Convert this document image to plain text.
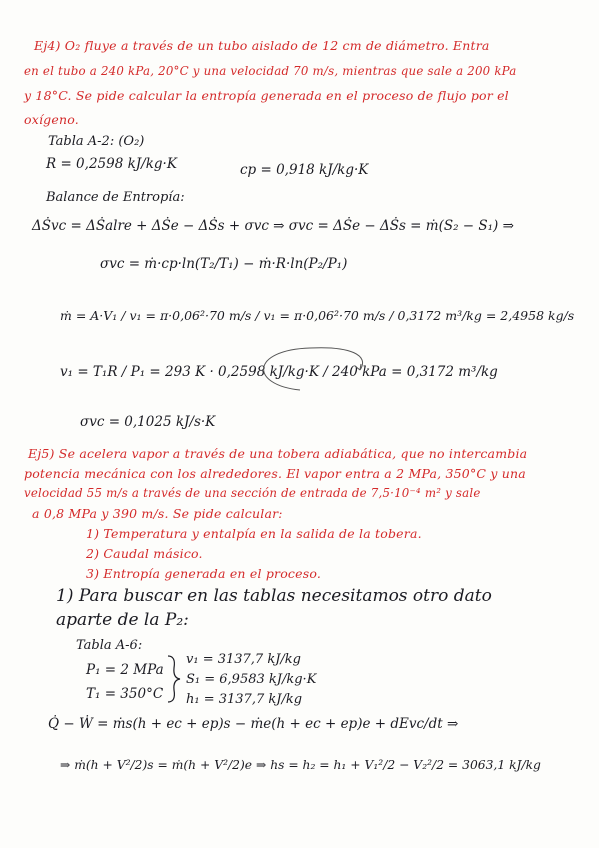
Ej4) O₂ fluye a través de un tubo aislado de 12 cm de diámetro. Entra
en el tubo a 240 kPa, 20°C y una velocidad 70 m/s, mientras que sale a 200 kPa
y 18°C. Se pide calcular la entropía generada en el proceso de flujo por el
oxígeno.
Tabla A-2: (O₂)
R = 0,2598 kJ/kg·K	cp = 0,918 kJ/kg·K
Balance de Entropía:
ΔṠvc = ΔṠalre + ΔṠe − ΔṠs + σvc ⇒ σvc = ΔṠe − ΔṠs = ṁ(S₂ − S₁) ⇒
σvc = ṁ·cp·ln(T₂/T₁) − ṁ·R·ln(P₂/P₁)
ṁ = A·V₁ / v₁ = π·0,06²·70 m/s / v₁ = π·0,06²·70 m/s / 0,3172 m³/kg = 2,4958 kg/s
v₁ = T₁R / P₁ = 293 K · 0,2598 kJ/kg·K / 240 kPa = 0,3172 m³/kg
σvc = 0,1025 kJ/s·K
Ej5) Se acelera vapor a través de una tobera adiabática, que no intercambia
potencia mecánica con los alrededores. El vapor entra a 2 MPa, 350°C y una
velocidad 55 m/s a través de una sección de entrada de 7,5·10⁻⁴ m² y sale
a 0,8 MPa y 390 m/s. Se pide calcular:
1) Temperatura y entalpía en la salida de la tobera.
2) Caudal másico.
3) Entropía generada en el proceso.
1) Para buscar en las tablas necesitamos otro dato
aparte de la P₂:
Tabla A-6:
P₁ = 2 MPa
T₁ = 350°C
v₁ = 3137,7 kJ/kg
S₁ = 6,9583 kJ/kg·K
h₁ = 3137,7 kJ/kg
Q̇ − Ẇ = ṁs(h + ec + ep)s − ṁe(h + ec + ep)e + dEvc/dt ⇒
⇒ ṁ(h + V²/2)s = ṁ(h + V²/2)e ⇒ hs = h₂ = h₁ + V₁²/2 − V₂²/2 = 3063,1 kJ/kg
